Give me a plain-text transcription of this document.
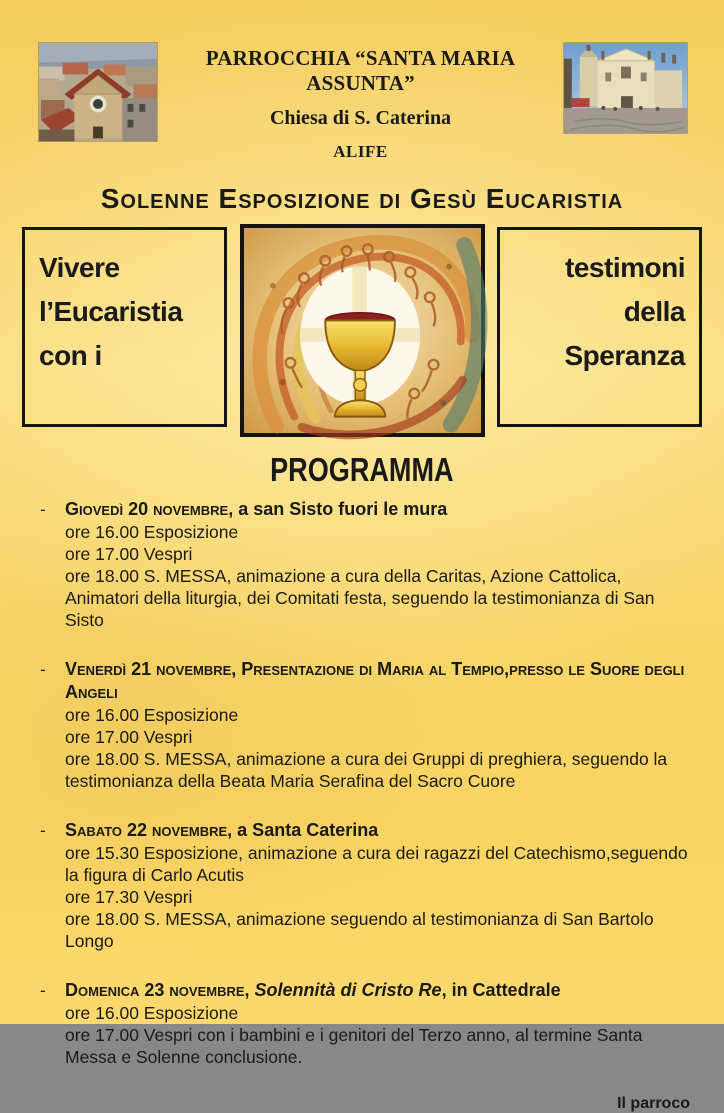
PARROCCHIA “SANTA MARIA ASSUNTA”
Chiesa di S. Caterina
ALIFE
Solenne Esposizione di Gesù Eucaristia
Vivere
l’Eucaristia
con i
testimoni
della
Speranza
PROGRAMMA
-	Giovedì 20 novembre, a san Sisto fuori le mura
ore 16.00 Esposizione
ore 17.00 Vespri
ore 18.00 S. MESSA, animazione a cura della Caritas, Azione Cattolica, Animatori della liturgia, dei Comitati festa, seguendo la testimonianza di San Sisto
-	Venerdì 21 novembre, Presentazione di Maria al Tempio,presso le Suore degli Angeli
ore 16.00 Esposizione
ore 17.00 Vespri
ore 18.00 S. MESSA, animazione a cura dei Gruppi di preghiera, seguendo la testimonianza della Beata Maria Serafina del Sacro Cuore
-	Sabato 22 novembre, a Santa Caterina
ore 15.30 Esposizione, animazione a cura dei ragazzi del Catechismo,seguendo la figura di Carlo Acutis
ore 17.30 Vespri
ore 18.00 S. MESSA, animazione seguendo al testimonianza di San Bartolo Longo
-	Domenica 23 novembre, Solennità di Cristo Re, in Cattedrale
ore 16.00 Esposizione
ore 17.00 Vespri con i bambini e i genitori del Terzo anno, al termine Santa Messa e Solenne conclusione.
Il parroco
